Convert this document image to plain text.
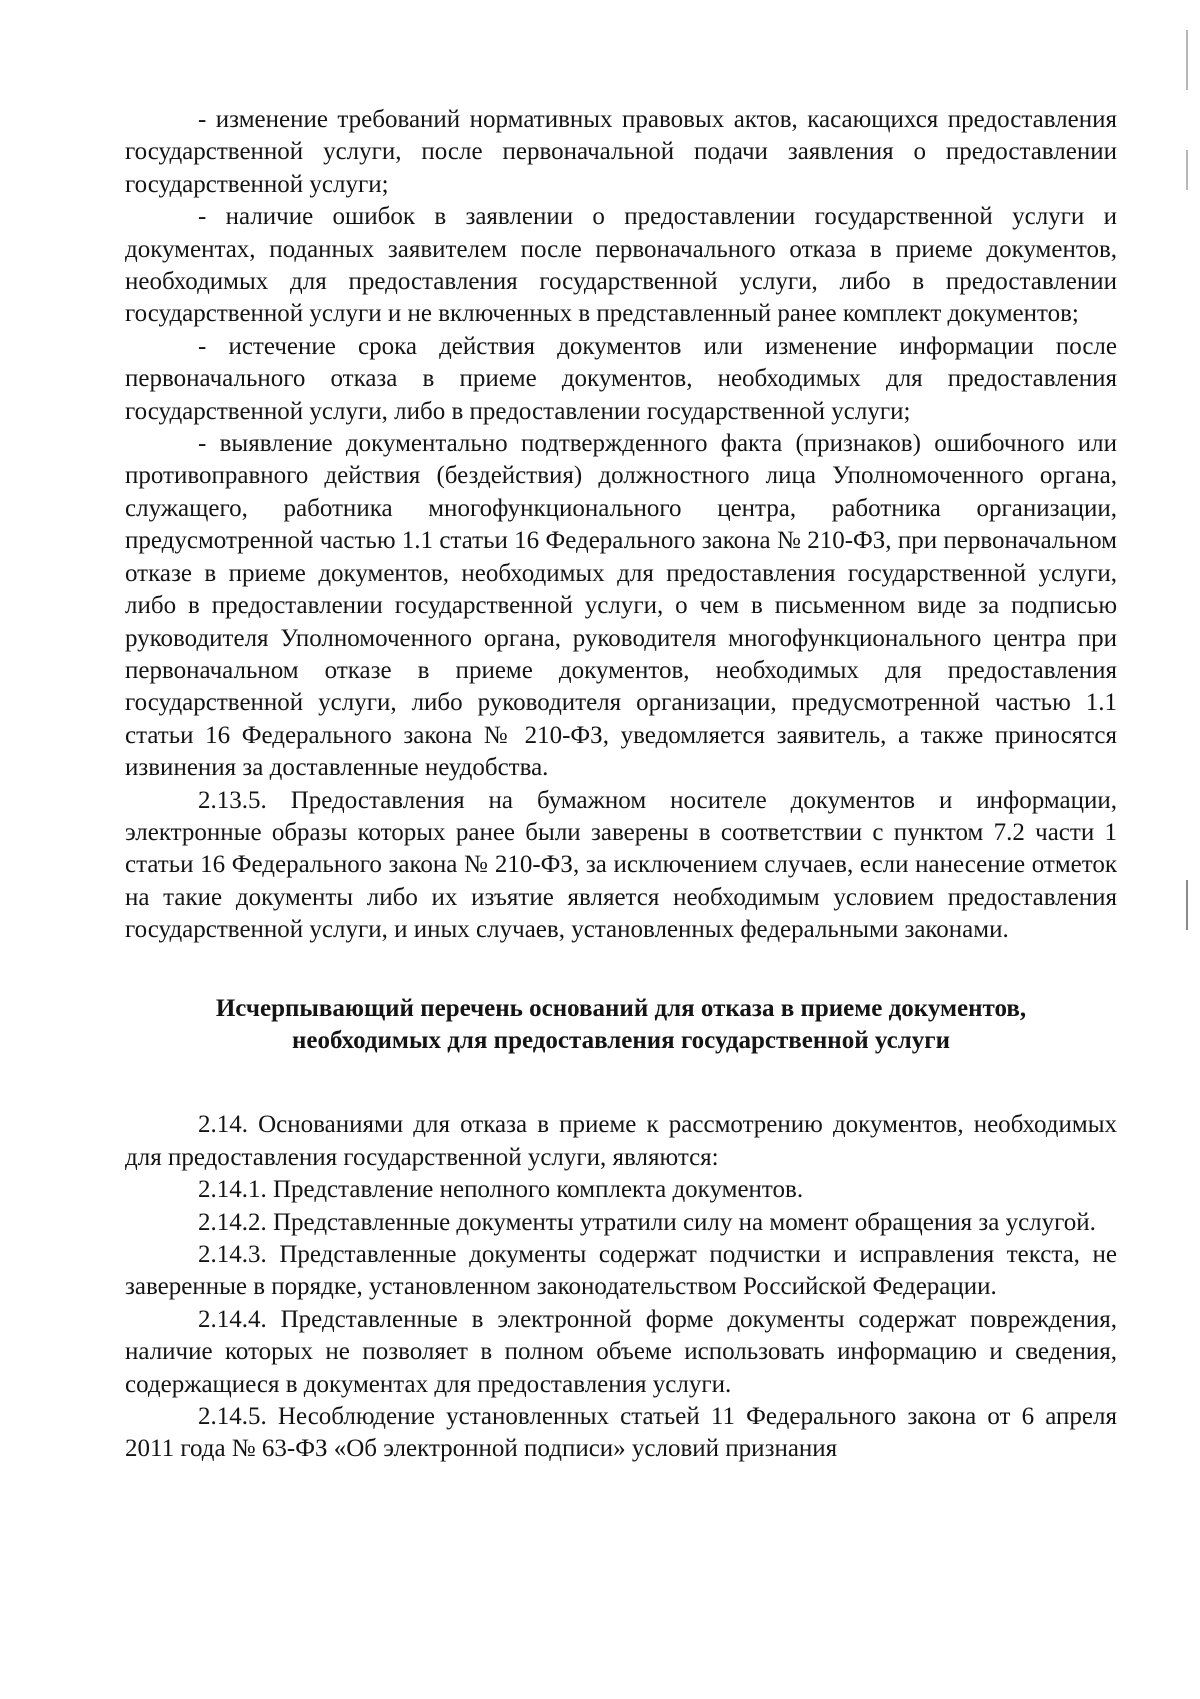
- изменение требований нормативных правовых актов, касающихся предоставления государственной услуги, после первоначальной подачи заявления о предоставлении государственной услуги;

- наличие ошибок в заявлении о предоставлении государственной услуги и документах, поданных заявителем после первоначального отказа в приеме документов, необходимых для предоставления государственной услуги, либо в предоставлении государственной услуги и не включенных в представленный ранее комплект документов;

- истечение срока действия документов или изменение информации после первоначального отказа в приеме документов, необходимых для предоставления государственной услуги, либо в предоставлении государственной услуги;

- выявление документально подтвержденного факта (признаков) ошибочного или противоправного действия (бездействия) должностного лица Уполномоченного органа, служащего, работника многофункционального центра, работника организации, предусмотренной частью 1.1 статьи 16 Федерального закона № 210-ФЗ, при первоначальном отказе в приеме документов, необходимых для предоставления государственной услуги, либо в предоставлении государственной услуги, о чем в письменном виде за подписью руководителя Уполномоченного органа, руководителя многофункционального центра при первоначальном отказе в приеме документов, необходимых для предоставления государственной услуги, либо руководителя организации, предусмотренной частью 1.1 статьи 16 Федерального закона № 210-ФЗ, уведомляется заявитель, а также приносятся извинения за доставленные неудобства.

2.13.5. Предоставления на бумажном носителе документов и информации, электронные образы которых ранее были заверены в соответствии с пунктом 7.2 части 1 статьи 16 Федерального закона № 210-ФЗ, за исключением случаев, если нанесение отметок на такие документы либо их изъятие является необходимым условием предоставления государственной услуги, и иных случаев, установленных федеральными законами.

Исчерпывающий перечень оснований для отказа в приеме документов,
необходимых для предоставления государственной услуги

2.14. Основаниями для отказа в приеме к рассмотрению документов, необходимых для предоставления государственной услуги, являются:

2.14.1. Представление неполного комплекта документов.

2.14.2. Представленные документы утратили силу на момент обращения за услугой.

2.14.3. Представленные документы содержат подчистки и исправления текста, не заверенные в порядке, установленном законодательством Российской Федерации.

2.14.4. Представленные в электронной форме документы содержат повреждения, наличие которых не позволяет в полном объеме использовать информацию и сведения, содержащиеся в документах для предоставления услуги.

2.14.5. Несоблюдение установленных статьей 11 Федерального закона от 6 апреля 2011 года № 63-ФЗ «Об электронной подписи» условий признания
